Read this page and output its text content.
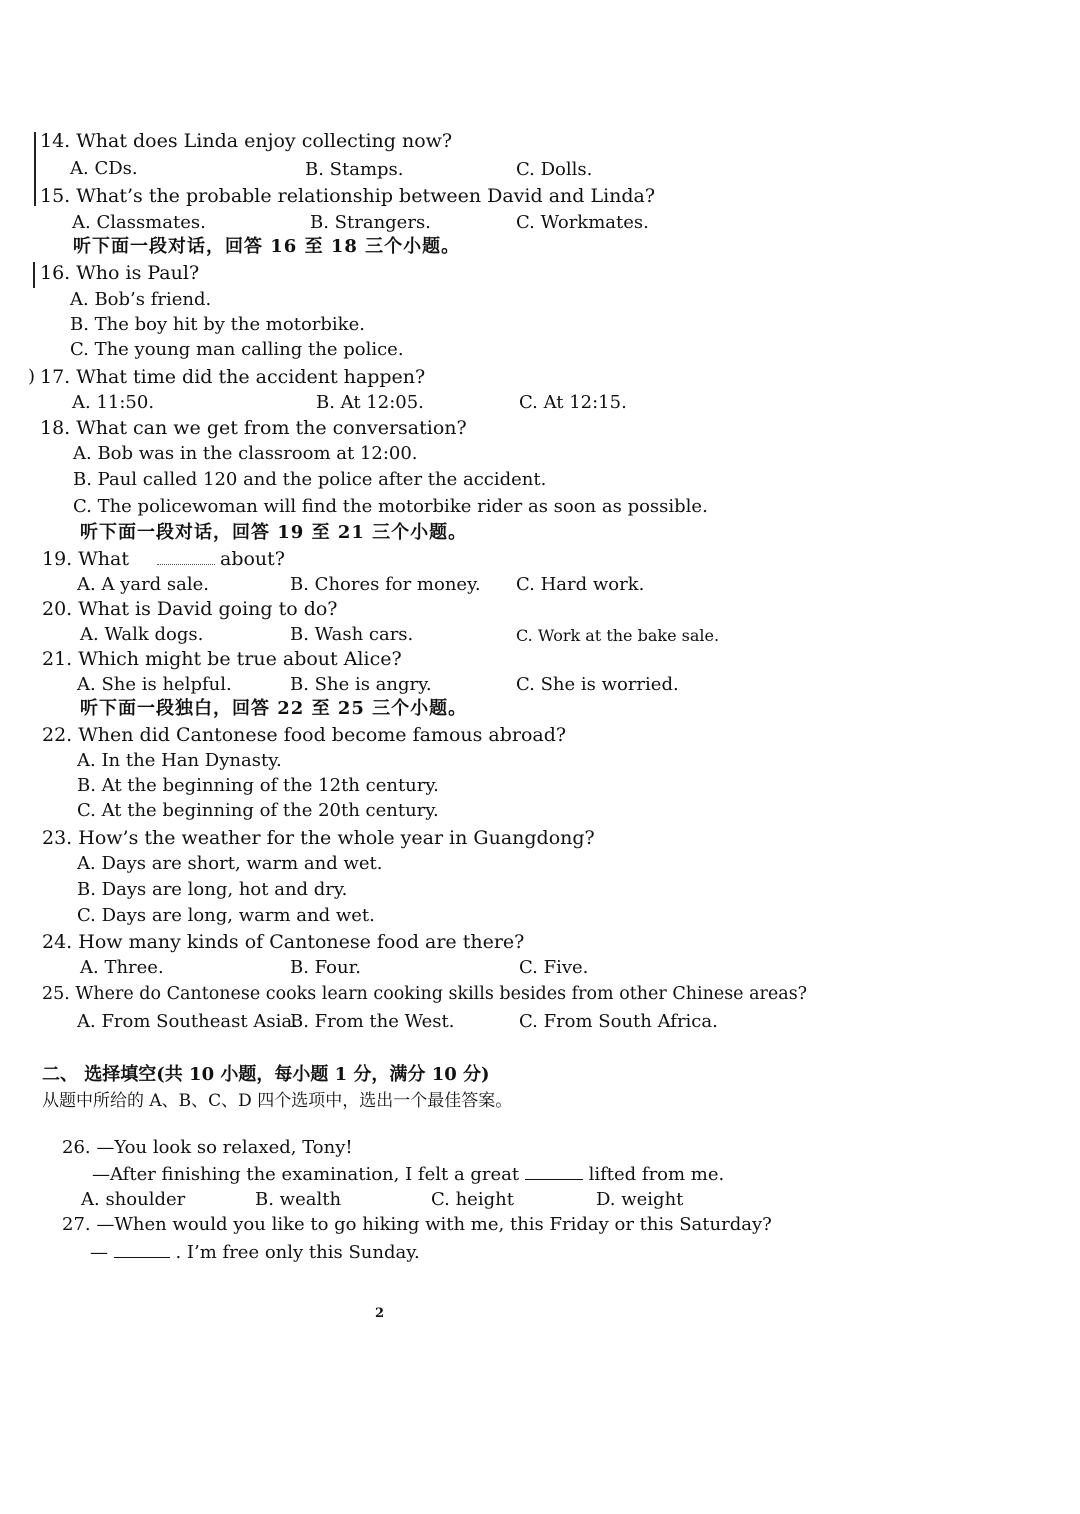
14. What does Linda enjoy collecting now?
A. CDs.	B. Stamps.	C. Dolls.
15. What’s the probable relationship between David and Linda?
A. Classmates.	B. Strangers.	C. Workmates.
听下面一段对话，回答 16 至 18 三个小题。
16. Who is Paul?
A. Bob’s friend.
B. The boy hit by the motorbike.
C. The young man calling the police.
) 17. What time did the accident happen?
A. 11:50.	B. At 12:05.	C. At 12:15.
18. What can we get from the conversation?
A. Bob was in the classroom at 12:00.
B. Paul called 120 and the police after the accident.
C. The policewoman will find the motorbike rider as soon as possible.
听下面一段对话，回答 19 至 21 三个小题。
19. What	about?
A. A yard sale.	B. Chores for money. C. Hard work.
20. What is David going to do?
A. Walk dogs.	B. Wash cars.	C. Work at the bake sale.
21. Which might be true about Alice?
A. She is helpful.	B. She is angry.	C. She is worried.
听下面一段独白，回答 22 至 25 三个小题。
22. When did Cantonese food become famous abroad?
A. In the Han Dynasty.
B. At the beginning of the 12th century.
C. At the beginning of the 20th century.
23. How’s the weather for the whole year in Guangdong?
A. Days are short, warm and wet.
B. Days are long, hot and dry.
C. Days are long, warm and wet.
24. How many kinds of Cantonese food are there?
A. Three.	B. Four.	C. Five.
25. Where do Cantonese cooks learn cooking skills besides from other Chinese areas?
A. From Southeast Asia.
B. From the West.	C. From South Africa.
二、 选择填空(共 10 小题，每小题 1 分，满分 10 分)
从题中所给的 A、B、C、D 四个选项中，选出一个最佳答案。
26. —You look so relaxed, Tony!
—After finishing the examination, I felt a great	lifted from me.
A. shoulder	B. wealth	C. height	D. weight
27. —When would you like to go hiking with me, this Friday or this Saturday?
—	. I’m free only this Sunday.
2
